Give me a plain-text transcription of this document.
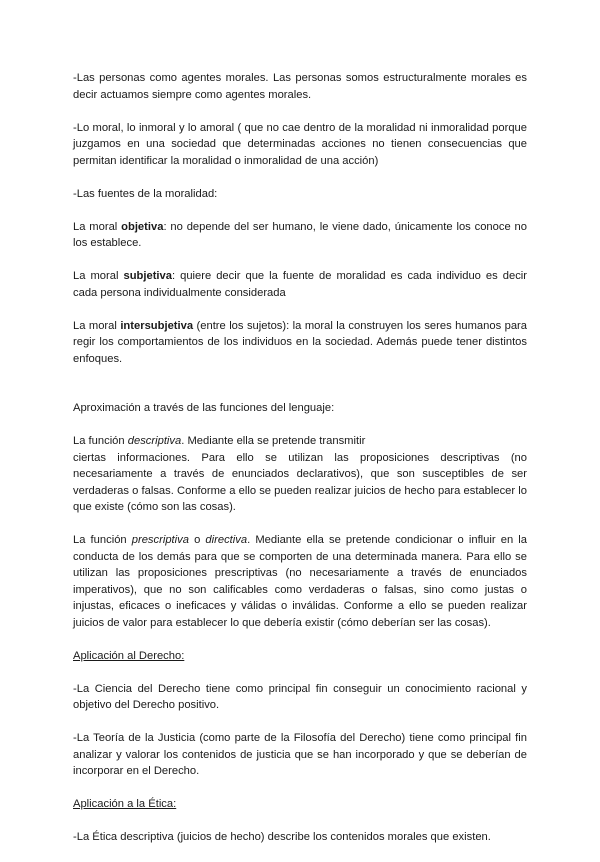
-Las personas como agentes morales. Las personas somos estructuralmente morales es decir actuamos siempre como agentes morales.

-Lo moral, lo inmoral y lo amoral ( que no cae dentro de la moralidad ni inmoralidad porque juzgamos en una sociedad que determinadas acciones no tienen consecuencias que permitan identificar la moralidad o inmoralidad de una acción)

-Las fuentes de la moralidad:

La moral objetiva: no depende del ser humano, le viene dado, únicamente los conoce no los establece.

La moral subjetiva: quiere decir que la fuente de moralidad es cada individuo es decir cada persona individualmente considerada

La moral intersubjetiva (entre los sujetos): la moral la construyen los seres humanos para regir los comportamientos de los individuos en la sociedad. Además puede tener distintos enfoques.

Aproximación a través de las funciones del lenguaje:

La función descriptiva. Mediante ella se pretende transmitir
ciertas informaciones. Para ello se utilizan las proposiciones descriptivas (no necesariamente a través de enunciados declarativos), que son susceptibles de ser verdaderas o falsas. Conforme a ello se pueden realizar juicios de hecho para establecer lo que existe (cómo son las cosas).

La función prescriptiva o directiva. Mediante ella se pretende condicionar o influir en la conducta de los demás para que se comporten de una determinada manera. Para ello se utilizan las proposiciones prescriptivas (no necesariamente a través de enunciados imperativos), que no son calificables como verdaderas o falsas, sino como justas o injustas, eficaces o ineficaces y válidas o inválidas. Conforme a ello se pueden realizar juicios de valor para establecer lo que debería existir (cómo deberían ser las cosas).

Aplicación al Derecho:

-La Ciencia del Derecho tiene como principal fin conseguir un conocimiento racional y objetivo del Derecho positivo.

-La Teoría de la Justicia (como parte de la Filosofía del Derecho) tiene como principal fin analizar y valorar los contenidos de justicia que se han incorporado y que se deberían de incorporar en el Derecho.

Aplicación a la Ética:

-La Ética descriptiva (juicios de hecho) describe los contenidos morales que existen.
